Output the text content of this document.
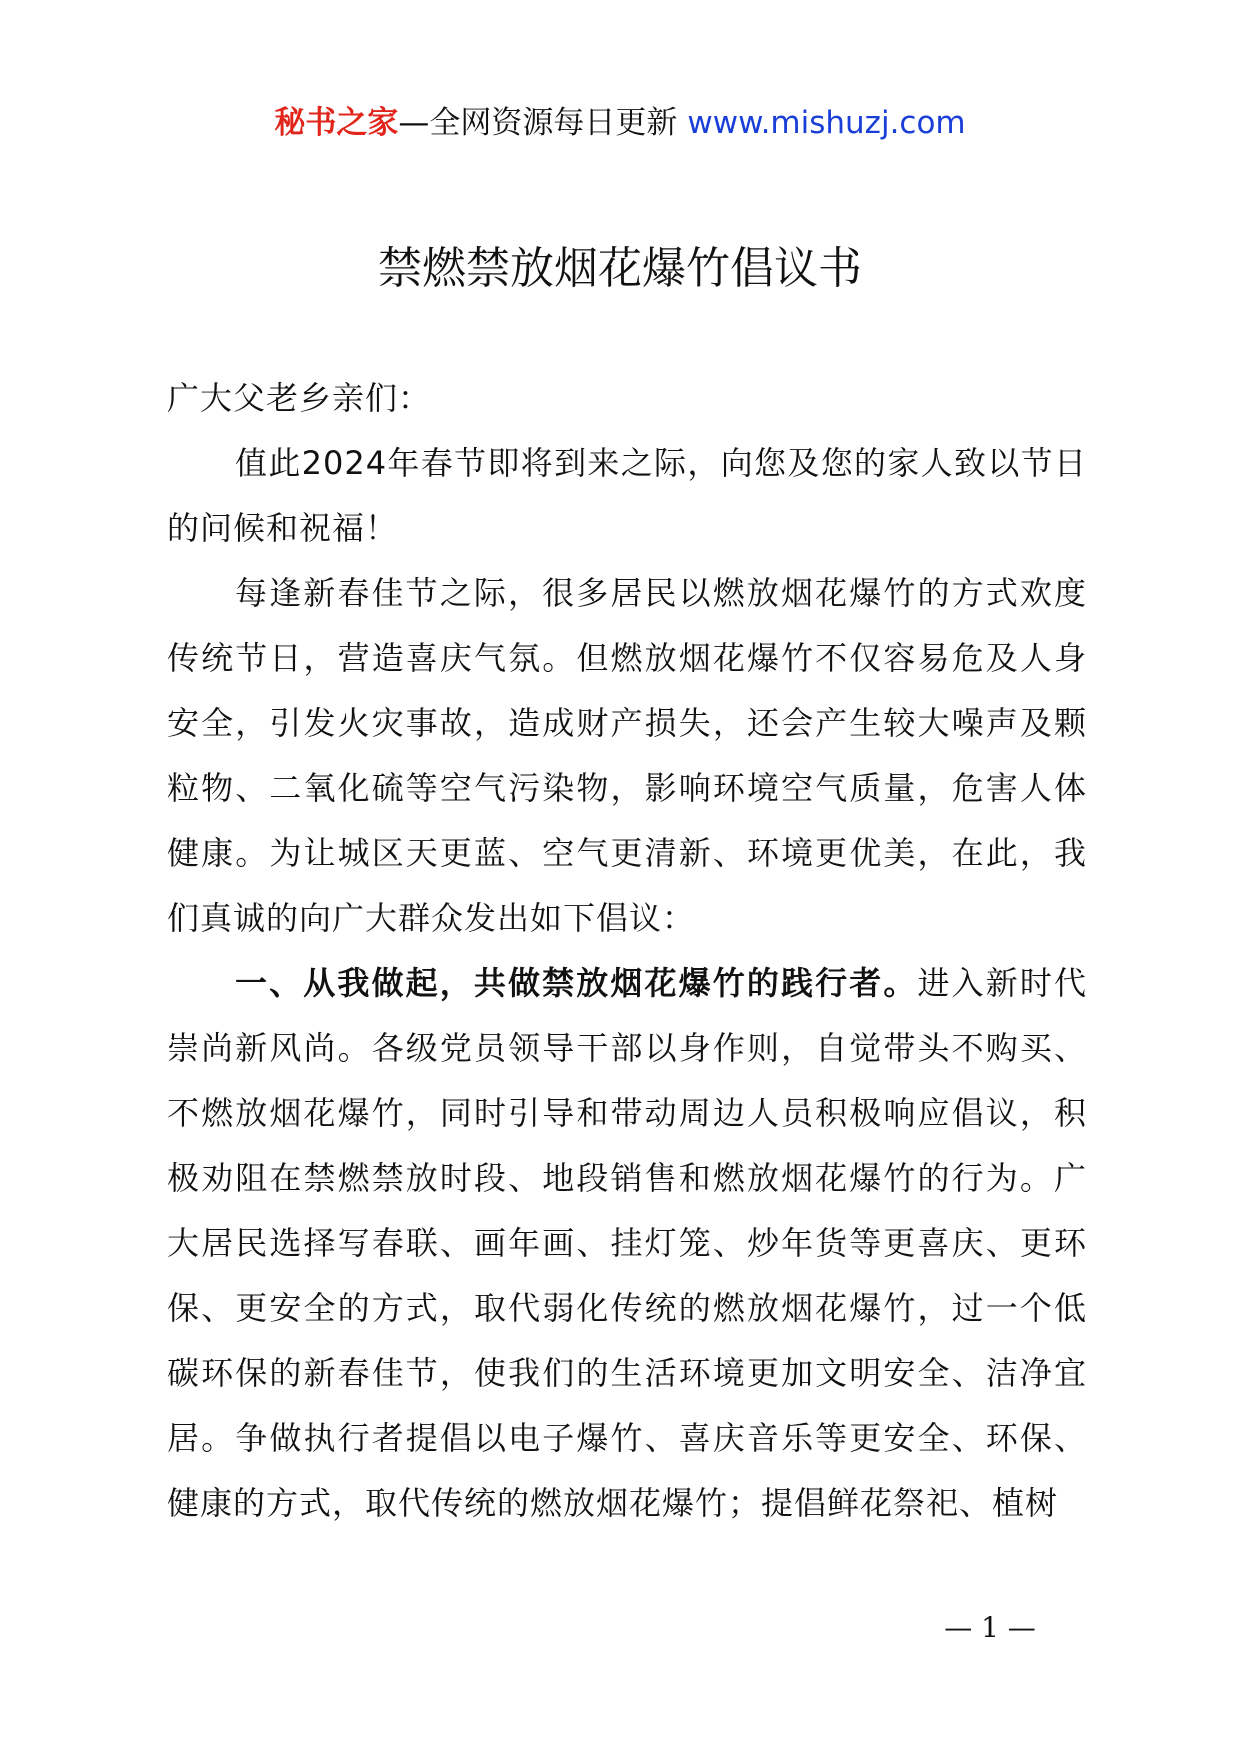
秘书之家—全网资源每日更新 www.mishuzj.com
禁燃禁放烟花爆竹倡议书

广大父老乡亲们：

值此2024年春节即将到来之际，向您及您的家人致以节日的问候和祝福！

每逢新春佳节之际，很多居民以燃放烟花爆竹的方式欢度传统节日，营造喜庆气氛。但燃放烟花爆竹不仅容易危及人身安全，引发火灾事故，造成财产损失，还会产生较大噪声及颗粒物、二氧化硫等空气污染物，影响环境空气质量，危害人体健康。为让城区天更蓝、空气更清新、环境更优美，在此，我们真诚的向广大群众发出如下倡议：

一、从我做起，共做禁放烟花爆竹的践行者。进入新时代崇尚新风尚。各级党员领导干部以身作则，自觉带头不购买、不燃放烟花爆竹，同时引导和带动周边人员积极响应倡议，积极劝阻在禁燃禁放时段、地段销售和燃放烟花爆竹的行为。广大居民选择写春联、画年画、挂灯笼、炒年货等更喜庆、更环保、更安全的方式，取代弱化传统的燃放烟花爆竹，过一个低碳环保的新春佳节，使我们的生活环境更加文明安全、洁净宜居。争做执行者提倡以电子爆竹、喜庆音乐等更安全、环保、健康的方式，取代传统的燃放烟花爆竹；提倡鲜花祭祀、植树

— 1 —
